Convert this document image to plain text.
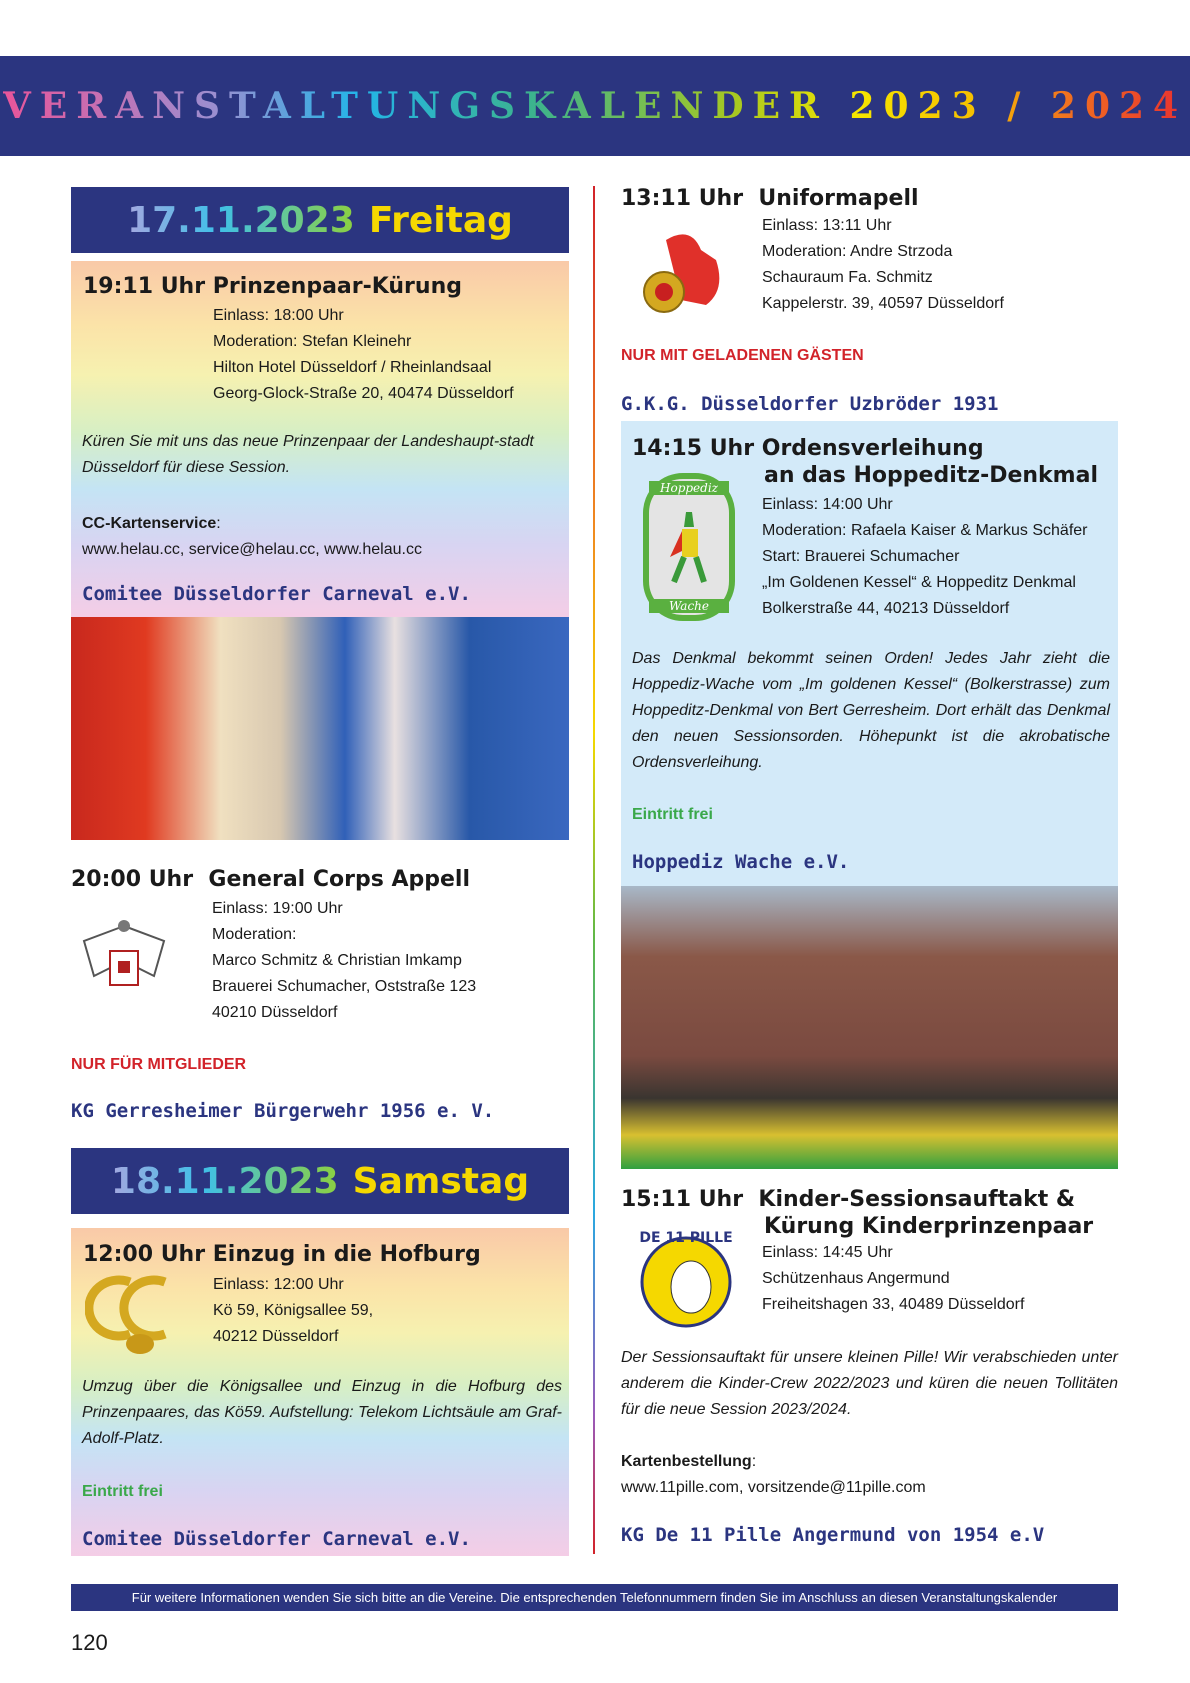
VERANSTALTUNGSKALENDER 2023 / 2024
17.11.2023 Freitag
19:11 Uhr Prinzenpaar-Kürung
Einlass: 18:00 Uhr
Moderation: Stefan Kleinehr
Hilton Hotel Düsseldorf / Rheinlandsaal
Georg-Glock-Straße 20, 40474 Düsseldorf
Küren Sie mit uns das neue Prinzenpaar der Landeshaupt-stadt Düsseldorf für diese Session.
CC-Kartenservice:
www.helau.cc, service@helau.cc, www.helau.cc
Comitee Düsseldorfer Carneval e.V.
20:00 Uhr General Corps Appell
Einlass: 19:00 Uhr
Moderation:
Marco Schmitz & Christian Imkamp
Brauerei Schumacher, Oststraße 123
40210 Düsseldorf
NUR FÜR MITGLIEDER
KG Gerresheimer Bürgerwehr 1956 e. V.
18.11.2023 Samstag
12:00 Uhr Einzug in die Hofburg
Einlass: 12:00 Uhr
Kö 59, Königsallee 59,
40212 Düsseldorf
Umzug über die Königsallee und Einzug in die Hofburg des Prinzenpaares, das Kö59. Aufstellung: Telekom Lichtsäule am Graf-Adolf-Platz.
Eintritt frei
Comitee Düsseldorfer Carneval e.V.
13:11 Uhr Uniformapell
Einlass: 13:11 Uhr
Moderation: Andre Strzoda
Schauraum Fa. Schmitz
Kappelerstr. 39, 40597 Düsseldorf
NUR MIT GELADENEN GÄSTEN
G.K.G. Düsseldorfer Uzbröder 1931
14:15 Uhr Ordensverleihung
an das Hoppeditz-Denkmal
Hoppediz
Wache
Einlass: 14:00 Uhr
Moderation: Rafaela Kaiser & Markus Schäfer
Start: Brauerei Schumacher
„Im Goldenen Kessel“ & Hoppeditz Denkmal
Bolkerstraße 44, 40213 Düsseldorf
Das Denkmal bekommt seinen Orden! Jedes Jahr zieht die Hoppediz-Wache vom „Im goldenen Kessel“ (Bolkerstrasse) zum Hoppeditz-Denkmal von Bert Gerresheim. Dort erhält das Denkmal den neuen Sessionsorden. Höhepunkt ist die akrobatische Ordensverleihung.
Eintritt frei
Hoppediz Wache e.V.
15:11 Uhr Kinder-Sessionsauftakt &
Kürung Kinderprinzenpaar
DE 11 PILLE
Einlass: 14:45 Uhr
Schützenhaus Angermund
Freiheitshagen 33, 40489 Düsseldorf
Der Sessionsauftakt für unsere kleinen Pille! Wir verabschieden unter anderem die Kinder-Crew 2022/2023 und küren die neuen Tollitäten für die neue Session 2023/2024.
Kartenbestellung:
www.11pille.com, vorsitzende@11pille.com
KG De 11 Pille Angermund von 1954 e.V
Für weitere Informationen wenden Sie sich bitte an die Vereine. Die entsprechenden Telefonnummern finden Sie im Anschluss an diesen Veranstaltungskalender
120
